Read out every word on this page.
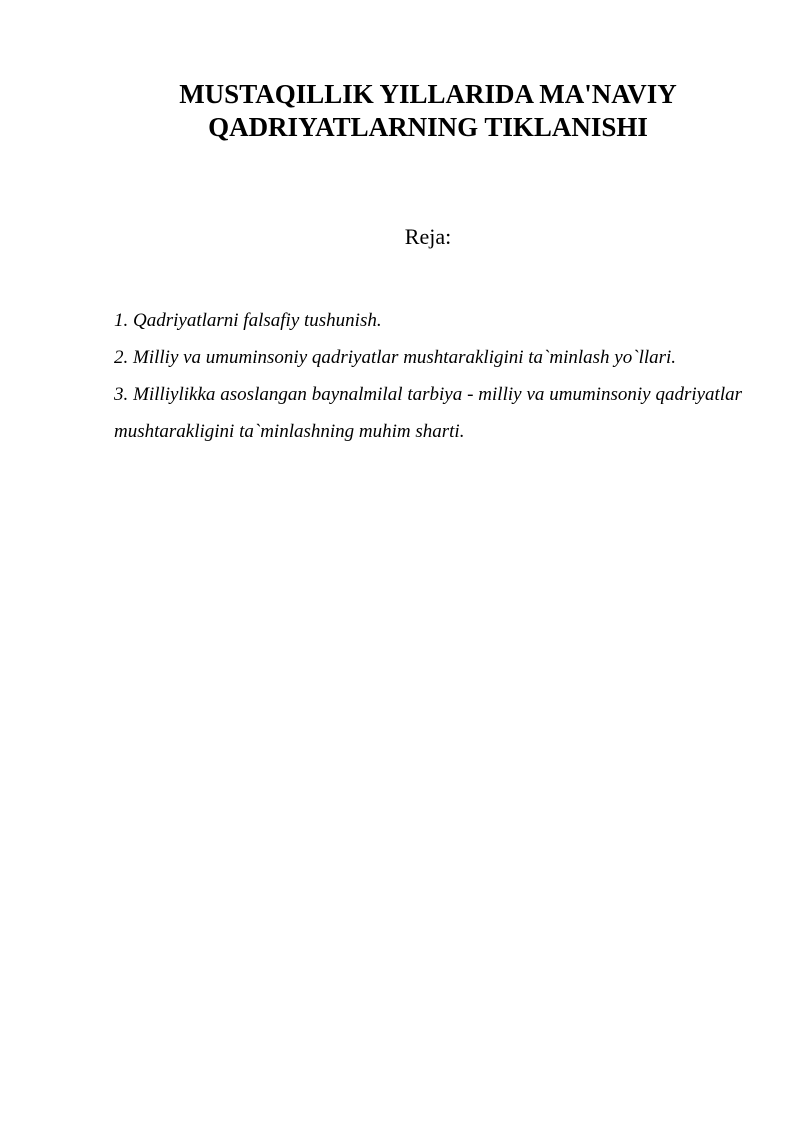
MUSTAQILLIK YILLARIDA MA'NAVIY
QADRIYATLARNING TIKLANISHI
Reja:
1. Qadriyatlarni falsafiy tushunish.
2. Milliy va umuminsoniy qadriyatlar mushtarakligini ta`minlash yo`llari.
3. Milliylikka asoslangan baynalmilal tarbiya - milliy va umuminsoniy qadriyatlar mushtarakligini ta`minlashning muhim sharti.
